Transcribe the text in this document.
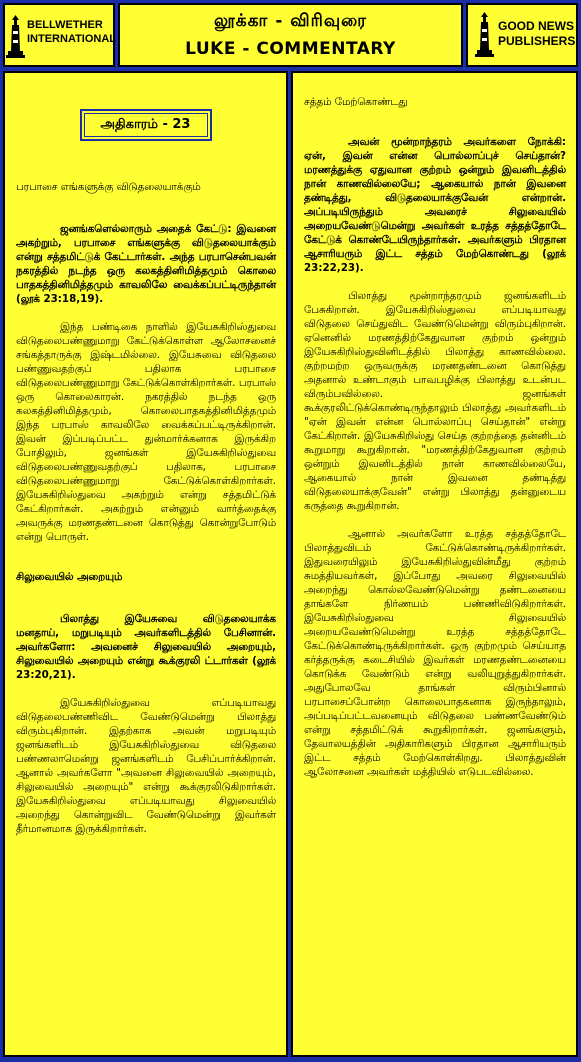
BELLWETHER
INTERNATIONAL
லூக்கா - விரிவுரை
LUKE - COMMENTARY
GOOD NEWS
PUBLISHERS
அதிகாரம் - 23

பரபாசை எங்களுக்கு விடுதலையாக்கும்

ஜனங்களெல்லாரும் அதைக் கேட்டு: இவனை அகற்றும், பரபாசை எங்களுக்கு விடுதலையாக்கும் என்று சத்தமிட்டுக் கேட்டார்கள். அந்த பரபாசென்பவன் நகரத்தில் நடந்த ஒரு கலகத்தினிமித்தமும் கொலை பாதகத்தினிமித்தமும் காவலிலே வைக்கப்பட்டிருந்தான் (லூக் 23:18,19).

இந்த பண்டிகை நாளில் இயேசுகிறிஸ்துவை விடுதலைபண்ணுமாறு கேட்டுக்கொள்ள ஆலோசனைச் சங்கத்தாருக்கு இஷ்டமில்லை. இயேசுவை விடுதலை பண்ணுவதற்குப் பதிலாக பரபாசை விடுதலைபண்ணுமாறு கேட்டுக்கொள்கிறார்கள். பரபாஸ் ஒரு கொலைகாரன். நகரத்தில் நடந்த ஒரு கலகத்தினிமித்தமும், கொலைபாதகத்தினிமித்தமும் இந்த பரபாஸ் காவலிலே வைக்கப்பட்டிருக்கிறான். இவன் இப்படிப்பட்ட துன்மார்க்கனாக இருக்கிற போதிலும், ஜனங்கள் இயேசுகிறிஸ்துவை விடுதலைபண்ணுவதற்குப் பதிலாக, பரபாசை விடுதலைபண்ணுமாறு கேட்டுக்கொள்கிறார்கள். இயேசுகிறிஸ்துவை அகற்றும் என்று சத்தமிட்டுக் கேட்கிறார்கள். அகற்றும் என்னும் வார்த்தைக்கு அவருக்கு மரணதண்டனை கொடுத்து கொன்றுபோடும் என்று பொருள்.

சிலுவையில் அறையும்

பிலாத்து இயேசுவை விடுதலையாக்க மனதாய், மறுபடியும் அவர்களிடத்தில் பேசினான். அவர்களோ: அவனைச் சிலுவையில் அறையும், சிலுவையில் அறையும் என்று கூக்குரலி ட்டார்கள் (லூக் 23:20,21).

இயேசுகிறிஸ்துவை எப்படியாவது விடுதலைபண்ணிவிட வேண்டுமென்று பிலாத்து விரும்புகிறான். இதற்காக அவன் மறுபடியும் ஜனங்களிடம் இயேசுகிறிஸ்துவை விடுதலை பண்ணலாமென்று ஜனங்களிடம் பேசிப்பார்க்கிறான். ஆனால் அவர்களோ "அவனை சிலுவையில் அறையும், சிலுவையில் அறையும்" என்று கூக்குரலிடுகிறார்கள். இயேசுகிறிஸ்துவை எப்படியாவது சிலுவையில் அறைந்து கொன்றுவிட வேண்டுமென்று இவர்கள் தீர்மானமாக இருக்கிறார்கள்.

சத்தம் மேற்கொண்டது

அவன் மூன்றாந்தரம் அவர்களை நோக்கி: ஏன், இவன் என்ன பொல்லாப்புச் செய்தான்? மரணத்துக்கு ஏதுவான குற்றம் ஒன்றும் இவனிடத்தில் நான் காணவில்லையே; ஆகையால் நான் இவனை தண்டித்து, விடுதலையாக்குவேன் என்றான். அப்படியிருந்தும் அவரைச் சிலுவையில் அறையவேண்டுமென்று அவர்கள் உரத்த சத்தத்தோடே கேட்டுக் கொண்டேயிருந்தார்கள். அவர்களும் பிரதான ஆசாரியரும் இட்ட சத்தம் மேற்கொண்டது (லூக் 23:22,23).

பிலாத்து மூன்றாந்தரமும் ஜனங்களிடம் பேசுகிறான். இயேசுகிறிஸ்துவை எப்படியாவது விடுதலை செய்துவிட வேண்டுமென்று விரும்புகிறான். ஏனெனில் மரணத்திற்கேதுவான குற்றம் ஒன்றும் இயேசுகிறிஸ்துவினிடத்தில் பிலாத்து காணவில்லை. குற்றமற்ற ஒருவருக்கு மரணதண்டனை கொடுத்து அதனால் உண்டாகும் பாவபழிக்கு பிலாத்து உடன்பட விரும்பவில்லை. ஜனங்கள் கூக்குரலிட்டுக்கொண்டிருந்தாலும் பிலாத்து அவர்களிடம் "ஏன் இவன் என்ன பொல்லாப்பு செய்தான்" என்று கேட்கிறான். இயேசுகிறிஸ்து செய்த குற்றத்தை தன்னிடம் கூறுமாறு கூறுகிறான். "மரணத்திற்கேதுவான குற்றம் ஒன்றும் இவனிடத்தில் நான் காணவில்லையே, ஆகையால் நான் இவனை தண்டித்து விடுதலையாக்குவேன்" என்று பிலாத்து தன்னுடைய கருத்தை கூறுகிறான்.

ஆனால் அவர்களோ உரத்த சத்தத்தோடே பிலாத்துவிடம் கேட்டுக்கொண்டிருக்கிறார்கள். இதுவரையிலும் இயேசுகிறிஸ்துவின்மீது குற்றம் சுமத்தியவர்கள், இப்போது அவரை சிலுவையில் அறைந்து கொல்லவேண்டுமென்று தண்டனையை தாங்களே நிர்ணயம் பண்ணிவிடுகிறார்கள். இயேசுகிறிஸ்துவை சிலுவையில் அறையவேண்டுமென்று உரத்த சத்தத்தோடே கேட்டுக்கொண்டிருக்கிறார்கள். ஒரு குற்றமும் செய்யாத கர்த்தருக்கு கடைசியில் இவர்கள் மரணதண்டனையை கொடுக்க வேண்டும் என்று வலியுறுத்துகிறார்கள். அதுபோலவே தாங்கள் விரும்பினால் பரபாசைப்போன்ற கொலைபாதகனாக இருந்தாலும், அப்படிப்பட்டவனையும் விடுதலை பண்ணவேண்டும் என்று சத்தமிட்டுக் கூறுகிறார்கள். ஜனங்களும், தேவாலயத்தின் அதிகாரிகளும் பிரதான ஆசாரியரும் இட்ட சத்தம் மேற்கொள்கிறது. பிலாத்துவின் ஆலோசனை அவர்கள் மத்தியில் எடுபடவில்லை.
